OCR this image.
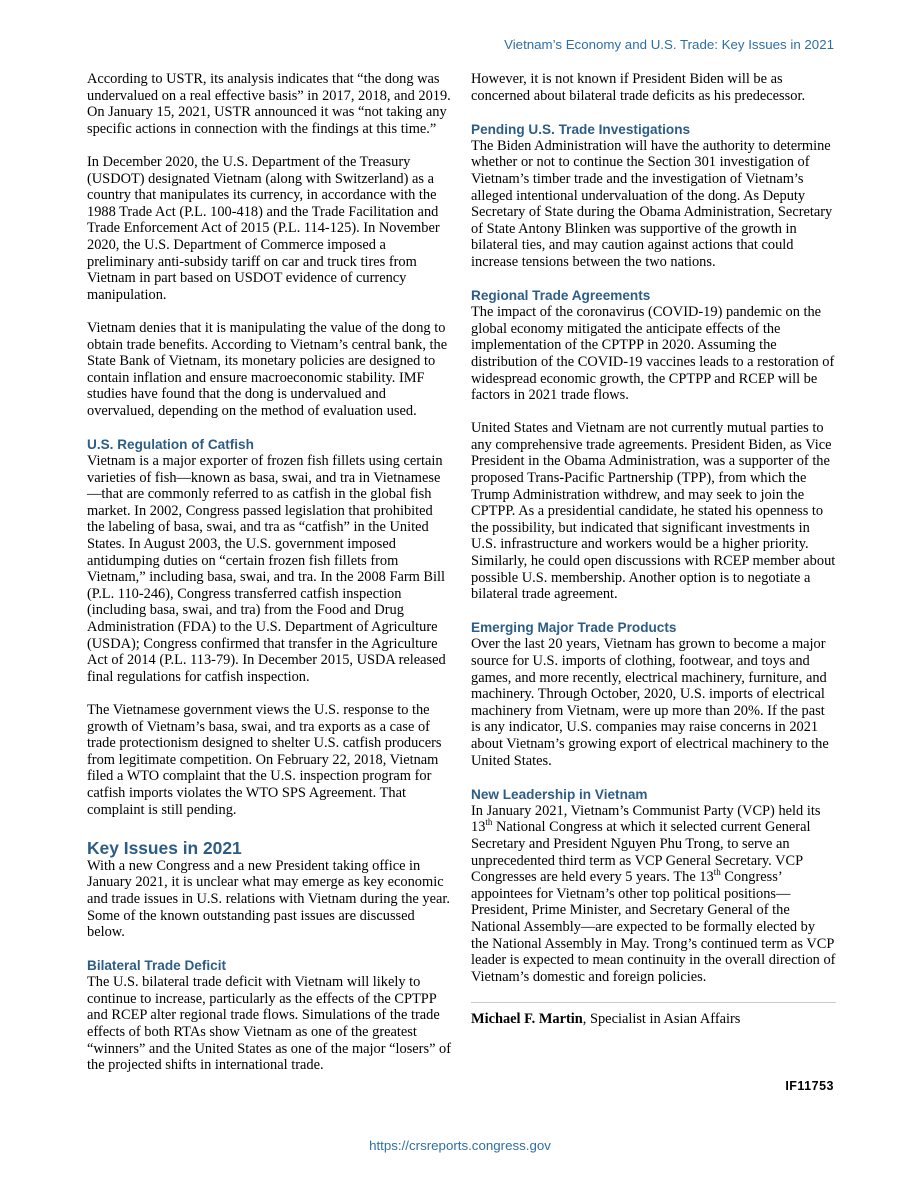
Vietnam’s Economy and U.S. Trade: Key Issues in 2021

According to USTR, its analysis indicates that “the dong was undervalued on a real effective basis” in 2017, 2018, and 2019. On January 15, 2021, USTR announced it was “not taking any specific actions in connection with the findings at this time.”

In December 2020, the U.S. Department of the Treasury (USDOT) designated Vietnam (along with Switzerland) as a country that manipulates its currency, in accordance with the 1988 Trade Act (P.L. 100-418) and the Trade Facilitation and Trade Enforcement Act of 2015 (P.L. 114-125). In November 2020, the U.S. Department of Commerce imposed a preliminary anti-subsidy tariff on car and truck tires from Vietnam in part based on USDOT evidence of currency manipulation.

Vietnam denies that it is manipulating the value of the dong to obtain trade benefits. According to Vietnam’s central bank, the State Bank of Vietnam, its monetary policies are designed to contain inflation and ensure macroeconomic stability. IMF studies have found that the dong is undervalued and overvalued, depending on the method of evaluation used.

U.S. Regulation of Catfish

Vietnam is a major exporter of frozen fish fillets using certain varieties of fish—known as basa, swai, and tra in Vietnamese—that are commonly referred to as catfish in the global fish market. In 2002, Congress passed legislation that prohibited the labeling of basa, swai, and tra as “catfish” in the United States. In August 2003, the U.S. government imposed antidumping duties on “certain frozen fish fillets from Vietnam,” including basa, swai, and tra. In the 2008 Farm Bill (P.L. 110-246), Congress transferred catfish inspection (including basa, swai, and tra) from the Food and Drug Administration (FDA) to the U.S. Department of Agriculture (USDA); Congress confirmed that transfer in the Agriculture Act of 2014 (P.L. 113-79). In December 2015, USDA released final regulations for catfish inspection.

The Vietnamese government views the U.S. response to the growth of Vietnam’s basa, swai, and tra exports as a case of trade protectionism designed to shelter U.S. catfish producers from legitimate competition. On February 22, 2018, Vietnam filed a WTO complaint that the U.S. inspection program for catfish imports violates the WTO SPS Agreement. That complaint is still pending.

Key Issues in 2021

With a new Congress and a new President taking office in January 2021, it is unclear what may emerge as key economic and trade issues in U.S. relations with Vietnam during the year. Some of the known outstanding past issues are discussed below.

Bilateral Trade Deficit

The U.S. bilateral trade deficit with Vietnam will likely to continue to increase, particularly as the effects of the CPTPP and RCEP alter regional trade flows. Simulations of the trade effects of both RTAs show Vietnam as one of the greatest “winners” and the United States as one of the major “losers” of the projected shifts in international trade.

However, it is not known if President Biden will be as concerned about bilateral trade deficits as his predecessor.

Pending U.S. Trade Investigations

The Biden Administration will have the authority to determine whether or not to continue the Section 301 investigation of Vietnam’s timber trade and the investigation of Vietnam’s alleged intentional undervaluation of the dong. As Deputy Secretary of State during the Obama Administration, Secretary of State Antony Blinken was supportive of the growth in bilateral ties, and may caution against actions that could increase tensions between the two nations.

Regional Trade Agreements

The impact of the coronavirus (COVID-19) pandemic on the global economy mitigated the anticipate effects of the implementation of the CPTPP in 2020. Assuming the distribution of the COVID-19 vaccines leads to a restoration of widespread economic growth, the CPTPP and RCEP will be factors in 2021 trade flows.

United States and Vietnam are not currently mutual parties to any comprehensive trade agreements. President Biden, as Vice President in the Obama Administration, was a supporter of the proposed Trans-Pacific Partnership (TPP), from which the Trump Administration withdrew, and may seek to join the CPTPP. As a presidential candidate, he stated his openness to the possibility, but indicated that significant investments in U.S. infrastructure and workers would be a higher priority. Similarly, he could open discussions with RCEP member about possible U.S. membership. Another option is to negotiate a bilateral trade agreement.

Emerging Major Trade Products

Over the last 20 years, Vietnam has grown to become a major source for U.S. imports of clothing, footwear, and toys and games, and more recently, electrical machinery, furniture, and machinery. Through October, 2020, U.S. imports of electrical machinery from Vietnam, were up more than 20%. If the past is any indicator, U.S. companies may raise concerns in 2021 about Vietnam’s growing export of electrical machinery to the United States.

New Leadership in Vietnam

In January 2021, Vietnam’s Communist Party (VCP) held its 13th National Congress at which it selected current General Secretary and President Nguyen Phu Trong, to serve an unprecedented third term as VCP General Secretary. VCP Congresses are held every 5 years. The 13th Congress’ appointees for Vietnam’s other top political positions—President, Prime Minister, and Secretary General of the National Assembly—are expected to be formally elected by the National Assembly in May. Trong’s continued term as VCP leader is expected to mean continuity in the overall direction of Vietnam’s domestic and foreign policies.

Michael F. Martin, Specialist in Asian Affairs

IF11753
https://crsreports.congress.gov
